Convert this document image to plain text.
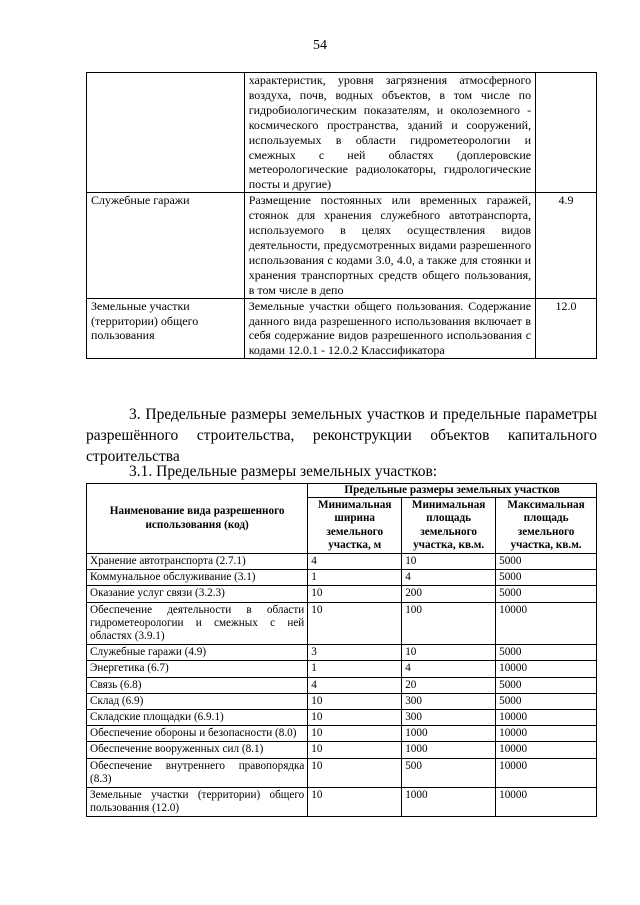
54
	характеристик, уровня загрязнения атмосферного воздуха, почв, водных объектов, в том числе по гидробиологическим показателям, и околоземного - космического пространства, зданий и сооружений, используемых в области гидрометеорологии и смежных с ней областях (доплеровские метеорологические радиолокаторы, гидрологические посты и другие)	
Служебные гаражи	Размещение постоянных или временных гаражей, стоянок для хранения служебного автотранспорта, используемого в целях осуществления видов деятельности, предусмотренных видами разрешенного использования с кодами 3.0, 4.0, а также для стоянки и хранения транспортных средств общего пользования, в том числе в депо	4.9
Земельные участки (территории) общего пользования	Земельные участки общего пользования. Содержание данного вида разрешенного использования включает в себя содержание видов разрешенного использования с кодами 12.0.1 - 12.0.2 Классификатора	12.0
3. Предельные размеры земельных участков и предельные параметры разрешённого строительства, реконструкции объектов капитального строительства
3.1. Предельные размеры земельных участков:
Наименование вида разрешенного использования (код)	Предельные размеры земельных участков		
	Минимальная ширина земельного участка, м	Минимальная площадь земельного участка, кв.м.	Максимальная площадь земельного участка, кв.м.
Хранение автотранспорта (2.7.1)	4	10	5000
Коммунальное обслуживание (3.1)	1	4	5000
Оказание услуг связи (3.2.3)	10	200	5000
Обеспечение деятельности в области гидрометеорологии и смежных с ней областях (3.9.1)	10	100	10000
Служебные гаражи (4.9)	3	10	5000
Энергетика (6.7)	1	4	10000
Связь (6.8)	4	20	5000
Склад (6.9)	10	300	5000
Складские площадки (6.9.1)	10	300	10000
Обеспечение обороны и безопасности (8.0)	10	1000	10000
Обеспечение вооруженных сил (8.1)	10	1000	10000
Обеспечение внутреннего правопорядка (8.3)	10	500	10000
Земельные участки (территории) общего пользования (12.0)	10	1000	10000
